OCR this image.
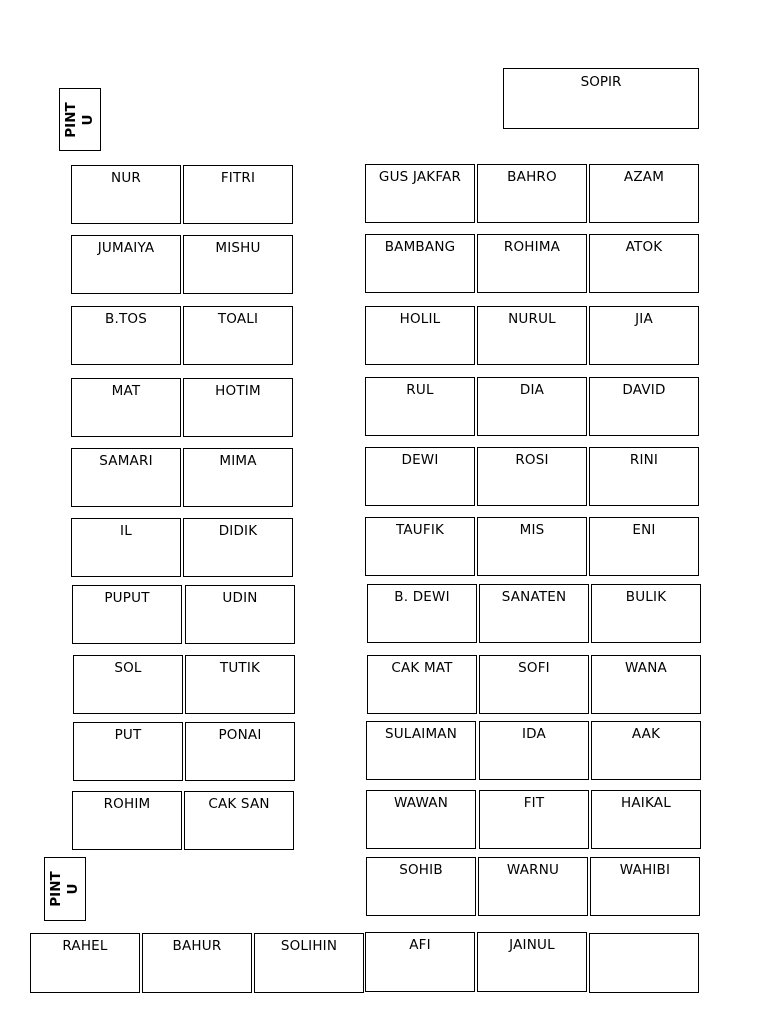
SOPIR
PINT U
NUR	FITRI
JUMAIYA	MISHU
B.TOS	TOALI
MAT	HOTIM
SAMARI	MIMA
IL	DIDIK
PUPUT	UDIN
SOL	TUTIK
PUT	PONAI
ROHIM	CAK SAN
GUS JAKFAR	BAHRO	AZAM
BAMBANG	ROHIMA	ATOK
HOLIL	NURUL	JIA
RUL	DIA	DAVID
DEWI	ROSI	RINI
TAUFIK	MIS	ENI
B. DEWI	SANATEN	BULIK
CAK MAT	SOFI	WANA
SULAIMAN	IDA	AAK
WAWAN	FIT	HAIKAL
SOHIB	WARNU	WAHIBI
PINT U
RAHEL	BAHUR	SOLIHIN	AFI	JAINUL
